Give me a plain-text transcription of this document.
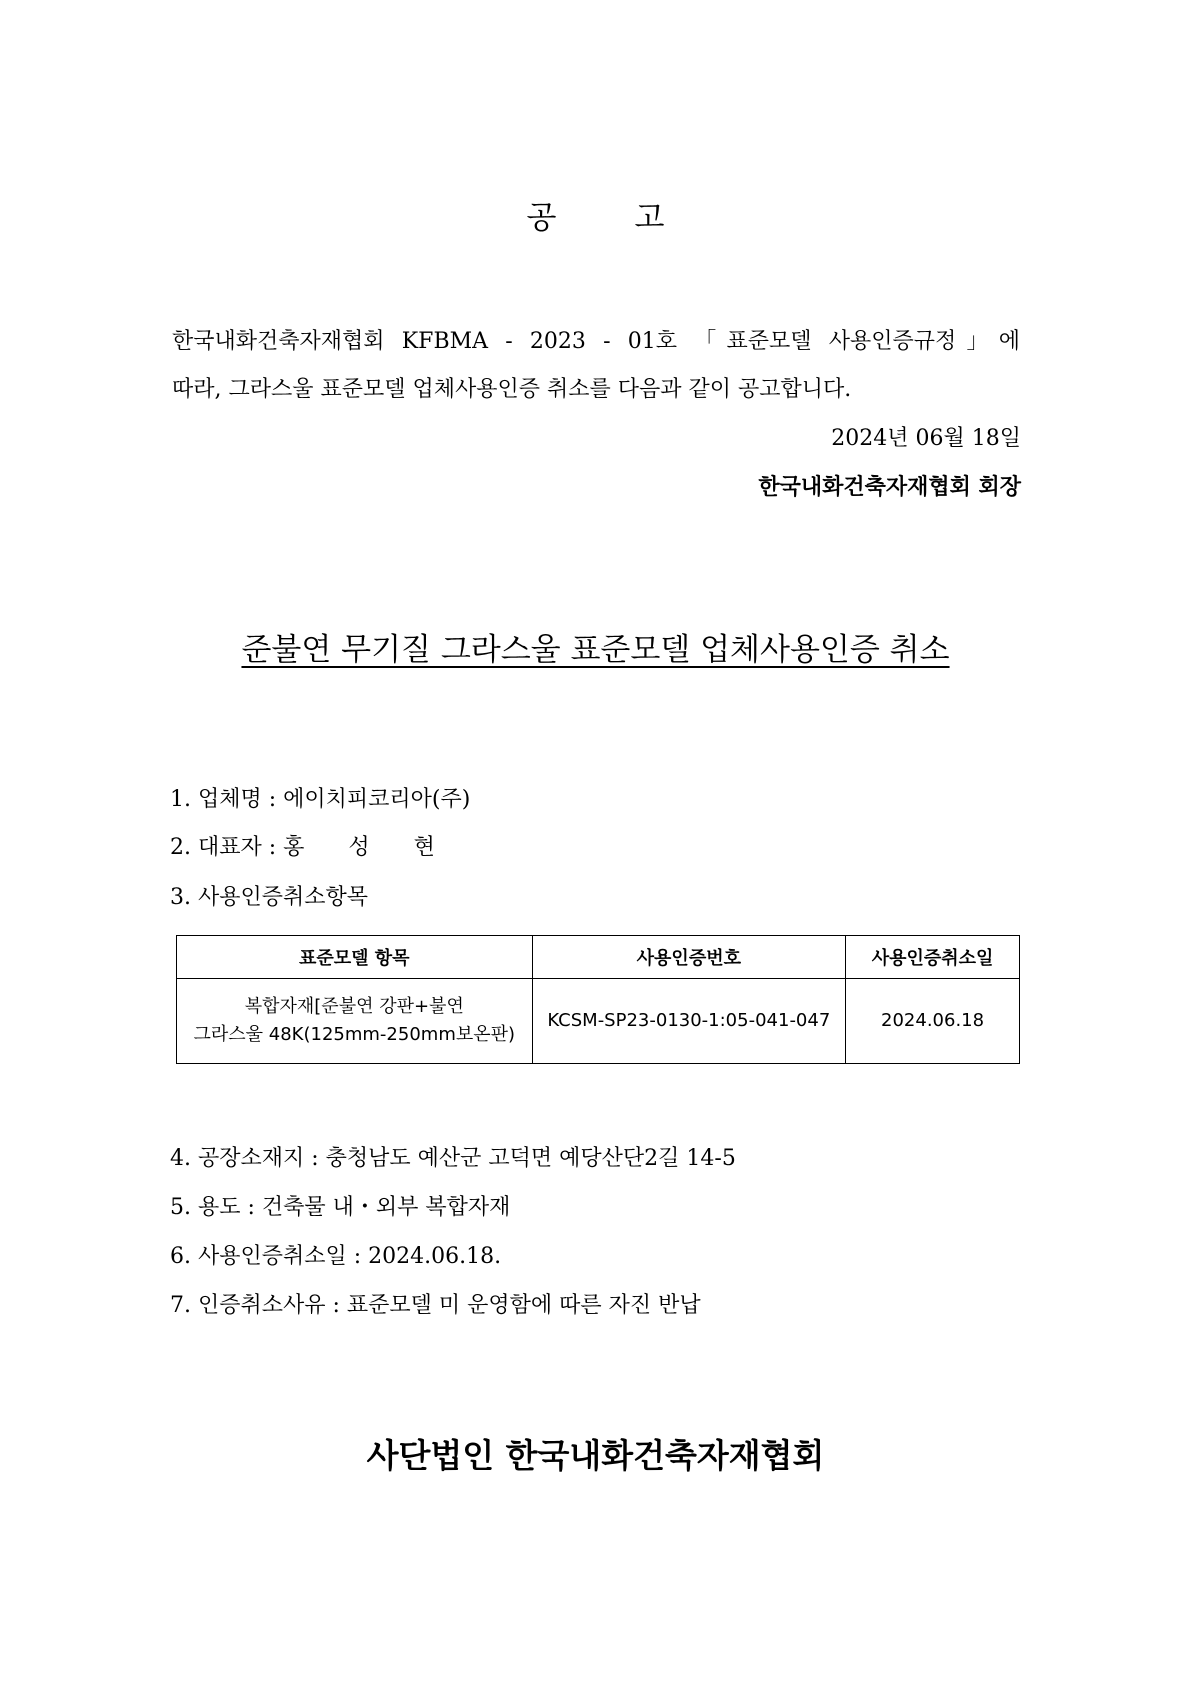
공	고
한국내화건축자재협회 KFBMA - 2023 - 01호 「표준모델 사용인증규정」에
따라, 그라스울 표준모델 업체사용인증 취소를 다음과 같이 공고합니다.
2024년 06월 18일
한국내화건축자재협회 회장
준불연 무기질 그라스울 표준모델 업체사용인증 취소
1. 업체명 : 에이치피코리아(주)
2. 대표자 : 홍　　성　　현
3. 사용인증취소항목
표준모델 항목	사용인증번호	사용인증취소일

복합자재[준불연 강판+불연
그라스울 48K(125mm-250mm보온판)	KCSM-SP23-0130-1:05-041-047	2024.06.18
4. 공장소재지 : 충청남도 예산군 고덕면 예당산단2길 14-5
5. 용도 : 건축물 내・외부 복합자재
6. 사용인증취소일 : 2024.06.18.
7. 인증취소사유 : 표준모델 미 운영함에 따른 자진 반납
사단법인 한국내화건축자재협회
